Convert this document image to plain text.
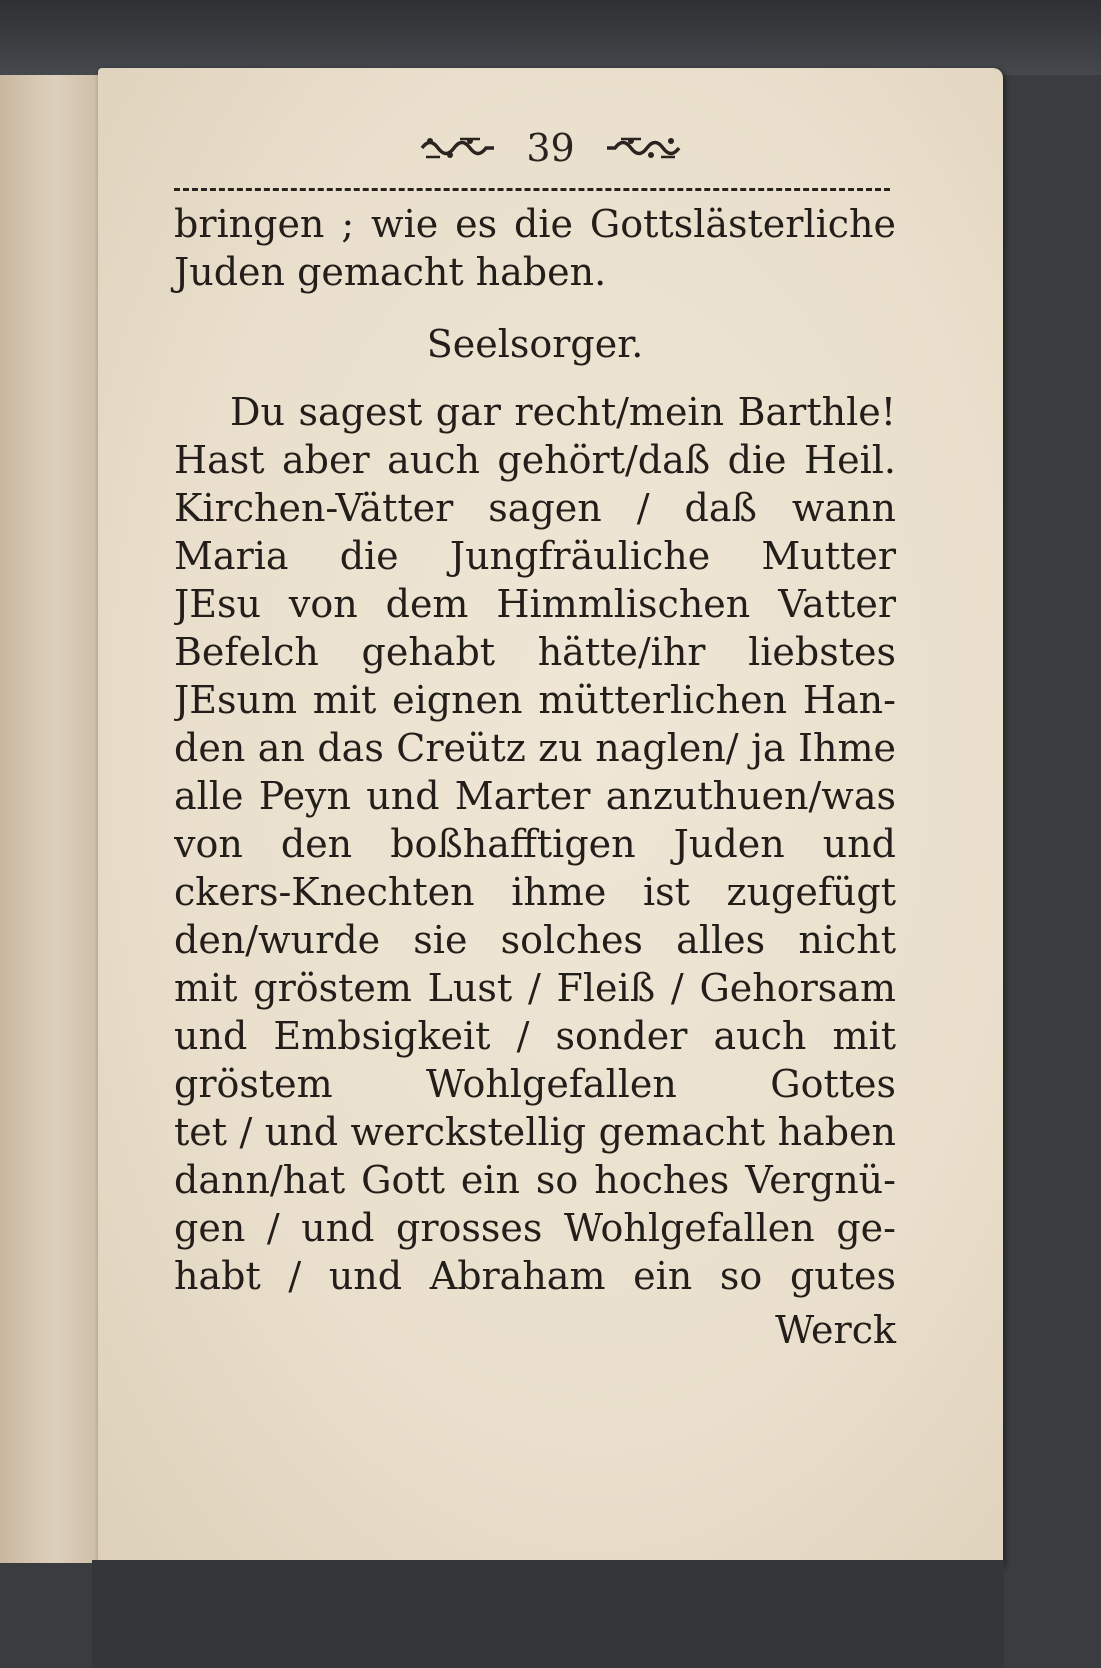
39
bringen ; wie es die Gottslästerliche
Juden gemacht haben.
Seelsorger.
Du sagest gar recht/mein Barthle!
Hast aber auch gehört/daß die Heil.
Kirchen-Vätter sagen / daß wann
Maria die Jungfräuliche Mutter
JEsu von dem Himmlischen Vatter
Befelch gehabt hätte/ihr liebstes
JEsum mit eignen mütterlichen Han-
den an das Creütz zu naglen/ ja Ihme
alle Peyn und Marter anzuthuen/was
von den boßhafftigen Juden und
ckers-Knechten ihme ist zugefügt
den/wurde sie solches alles nicht
mit gröstem Lust / Fleiß / Gehorsam
und Embsigkeit / sonder auch mit
gröstem Wohlgefallen Gottes
tet / und werckstellig gemacht haben
dann/hat Gott ein so hoches Vergnü-
gen / und grosses Wohlgefallen ge-
habt / und Abraham ein so gutes
Werck
